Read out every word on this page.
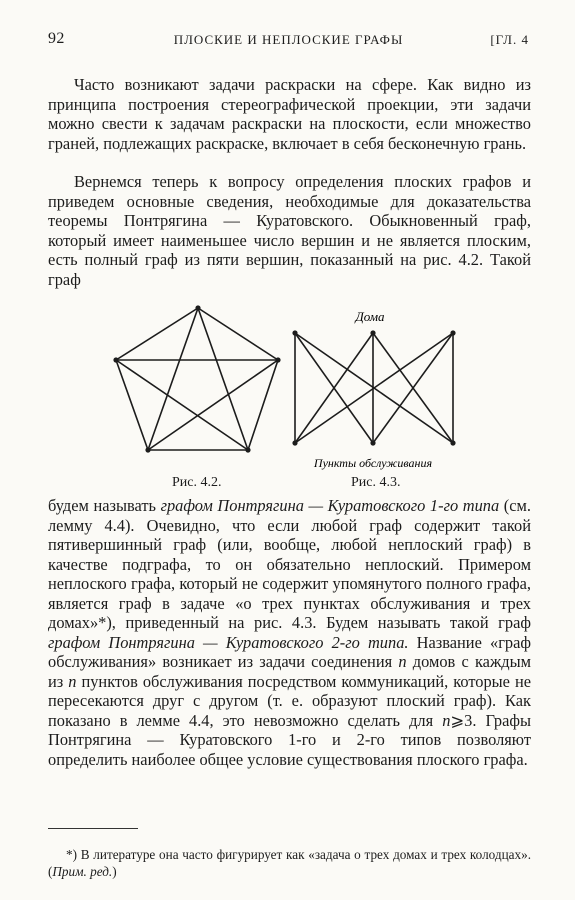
92	ПЛОСКИЕ И НЕПЛОСКИЕ ГРАФЫ	[ГЛ. 4

Часто возникают задачи раскраски на сфере. Как видно из принципа построения стереографической проекции, эти задачи можно свести к задачам раскраски на плоскости, если множество граней, подлежащих раскраске, включает в себя бесконечную грань.

Вернемся теперь к вопросу определения плоских графов и приведем основные сведения, необходимые для доказательства теоремы Понтрягина — Куратовского. Обыкновенный граф, который имеет наименьшее число вершин и не является плоским, есть полный граф из пяти вершин, показанный на рис. 4.2. Такой граф

Рис. 4.2.
Дома
Пункты обслуживания
Рис. 4.3.

будем называть графом Понтрягина — Куратовского 1-го типа (см. лемму 4.4). Очевидно, что если любой граф содержит такой пятивершинный граф (или, вообще, любой неплоский граф) в качестве подграфа, то он обязательно неплоский. Примером неплоского графа, который не содержит упомянутого полного графа, является граф в задаче «о трех пунктах обслуживания и трех домах»*), приведенный на рис. 4.3. Будем называть такой граф графом Понтрягина — Куратовского 2-го типа. Название «граф обслуживания» возникает из задачи соединения n домов с каждым из n пунктов обслуживания посредством коммуникаций, которые не пересекаются друг с другом (т. е. образуют плоский граф). Как показано в лемме 4.4, это невозможно сделать для n⩾3. Графы Понтрягина — Куратовского 1-го и 2-го типов позволяют определить наиболее общее условие существования плоского графа.

*) В литературе она часто фигурирует как «задача о трех домах и трех колодцах». (Прим. ред.)
